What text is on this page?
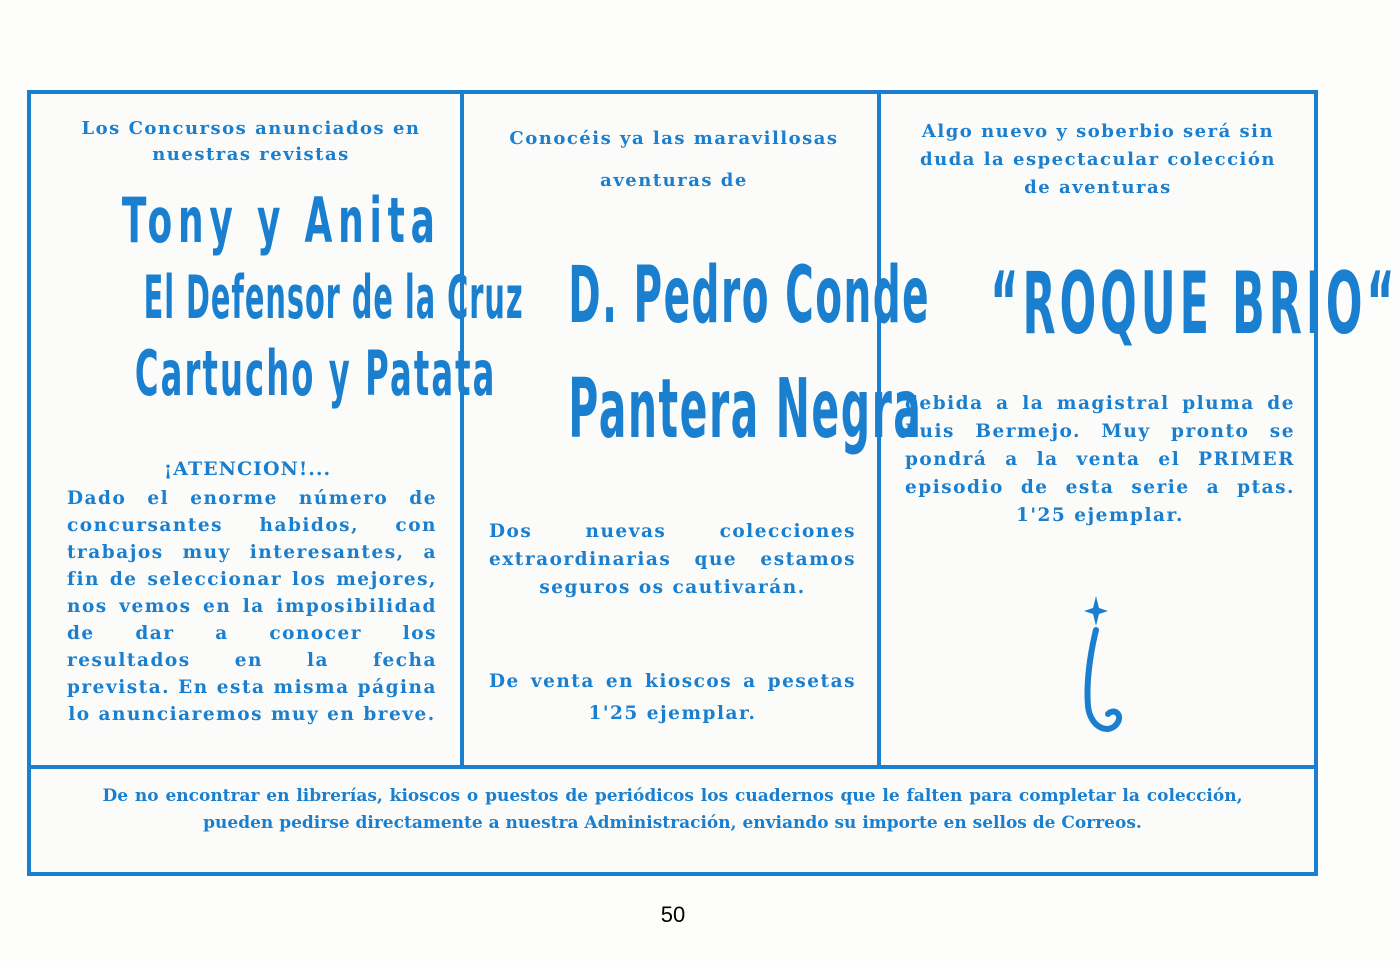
Los Concursos anunciados en nuestras revistas
Tony y Anita
El Defensor de la Cruz
Cartucho y Patata
¡ATENCION!...
Dado el enorme número de concursantes habidos, con trabajos muy interesantes, a fin de seleccionar los mejores, nos vemos en la imposibilidad de dar a conocer los resultados en la fecha prevista. En esta misma página lo anunciaremos muy en breve.
Conocéis ya las maravillosas aventuras de
D. Pedro Conde
Pantera Negra
Dos nuevas colecciones extraordinarias que estamos seguros os cautivarán.
De venta en kioscos a pesetas 1'25 ejemplar.
Algo nuevo y soberbio será sin duda la espectacular colección de aventuras
“ROQUE BRIO“
debida a la magistral pluma de Luis Bermejo. Muy pronto se pondrá a la venta el PRIMER episodio de esta serie a ptas. 1'25 ejemplar.
De no encontrar en librerías, kioscos o puestos de periódicos los cuadernos que le falten para completar la colección, pueden pedirse directamente a nuestra Administración, enviando su importe en sellos de Correos.
50
